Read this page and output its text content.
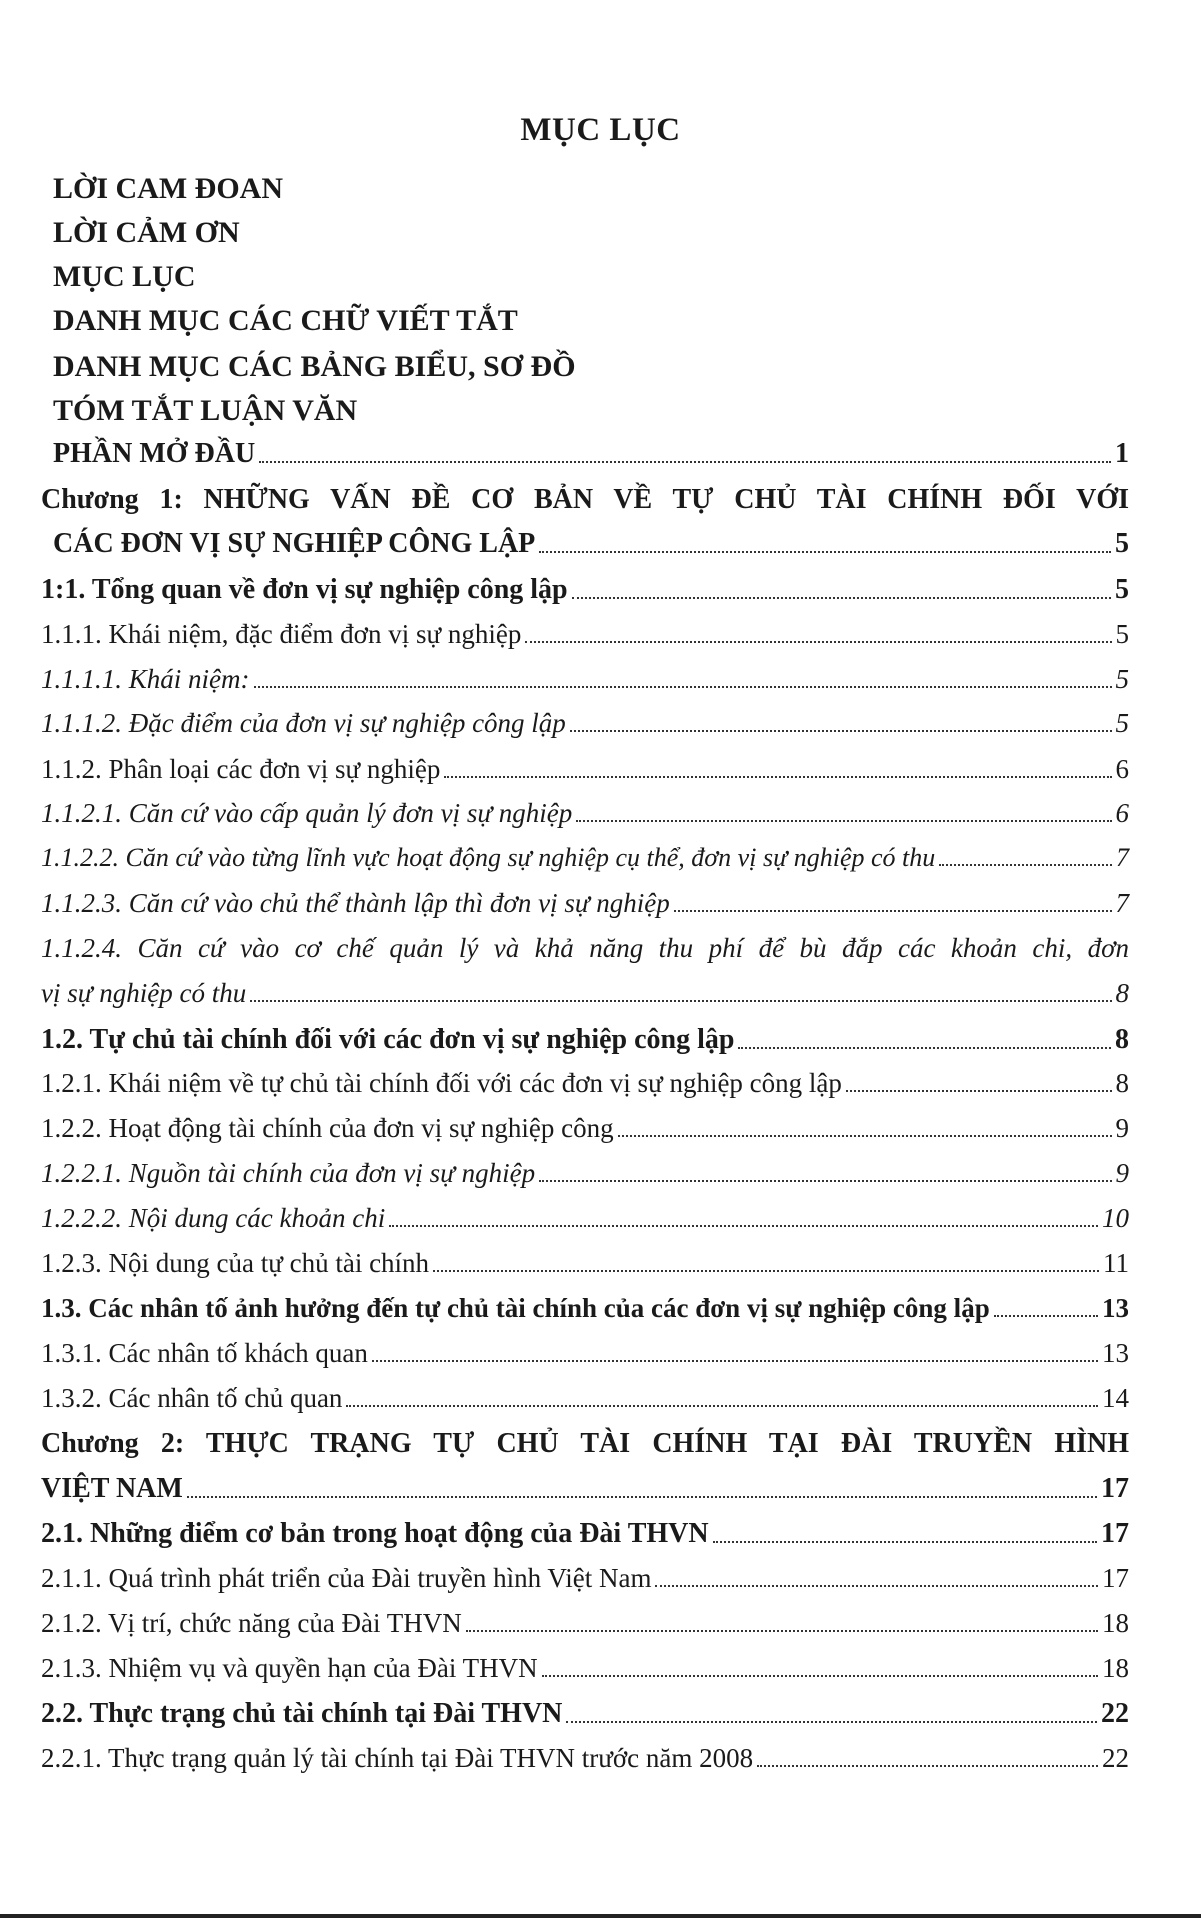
MỤC LỤC
LỜI CAM ĐOAN
LỜI CẢM ƠN
MỤC LỤC
DANH MỤC CÁC CHỮ VIẾT TẮT
DANH MỤC CÁC BẢNG BIỂU, SƠ ĐỒ
TÓM TẮT LUẬN VĂN
PHẦN MỞ ĐẦU	1
Chương 1: NHỮNG VẤN ĐỀ CƠ BẢN VỀ TỰ CHỦ TÀI CHÍNH ĐỐI VỚI
CÁC ĐƠN VỊ SỰ NGHIỆP CÔNG LẬP	5
1:1. Tổng quan về đơn vị sự nghiệp công lập	5
1.1.1. Khái niệm, đặc điểm đơn vị sự nghiệp	5
1.1.1.1. Khái niệm:	5
1.1.1.2. Đặc điểm của đơn vị sự nghiệp công lập	5
1.1.2. Phân loại các đơn vị sự nghiệp	6
1.1.2.1. Căn cứ vào cấp quản lý đơn vị sự nghiệp	6
1.1.2.2. Căn cứ vào từng lĩnh vực hoạt động sự nghiệp cụ thể, đơn vị sự nghiệp có thu	7
1.1.2.3. Căn cứ vào chủ thể thành lập thì đơn vị sự nghiệp	7
1.1.2.4. Căn cứ vào cơ chế quản lý và khả năng thu phí để bù đắp các khoản chi, đơn
vị sự nghiệp có thu	8
1.2. Tự chủ tài chính đối với các đơn vị sự nghiệp công lập	8
1.2.1. Khái niệm về tự chủ tài chính đối với các đơn vị sự nghiệp công lập	8
1.2.2. Hoạt động tài chính của đơn vị sự nghiệp công	9
1.2.2.1. Nguồn tài chính của đơn vị sự nghiệp	9
1.2.2.2. Nội dung các khoản chi	10
1.2.3. Nội dung của tự chủ tài chính	11
1.3. Các nhân tố ảnh hưởng đến tự chủ tài chính của các đơn vị sự nghiệp công lập	13
1.3.1. Các nhân tố khách quan	13
1.3.2. Các nhân tố chủ quan	14
Chương 2: THỰC TRẠNG TỰ CHỦ TÀI CHÍNH TẠI ĐÀI TRUYỀN HÌNH
VIỆT NAM	17
2.1. Những điểm cơ bản trong hoạt động của Đài THVN	17
2.1.1. Quá trình phát triển của Đài truyền hình Việt Nam	17
2.1.2. Vị trí, chức năng của Đài THVN	18
2.1.3. Nhiệm vụ và quyền hạn của Đài THVN	18
2.2. Thực trạng chủ tài chính tại Đài THVN	22
2.2.1. Thực trạng quản lý tài chính tại Đài THVN trước năm 2008	22
